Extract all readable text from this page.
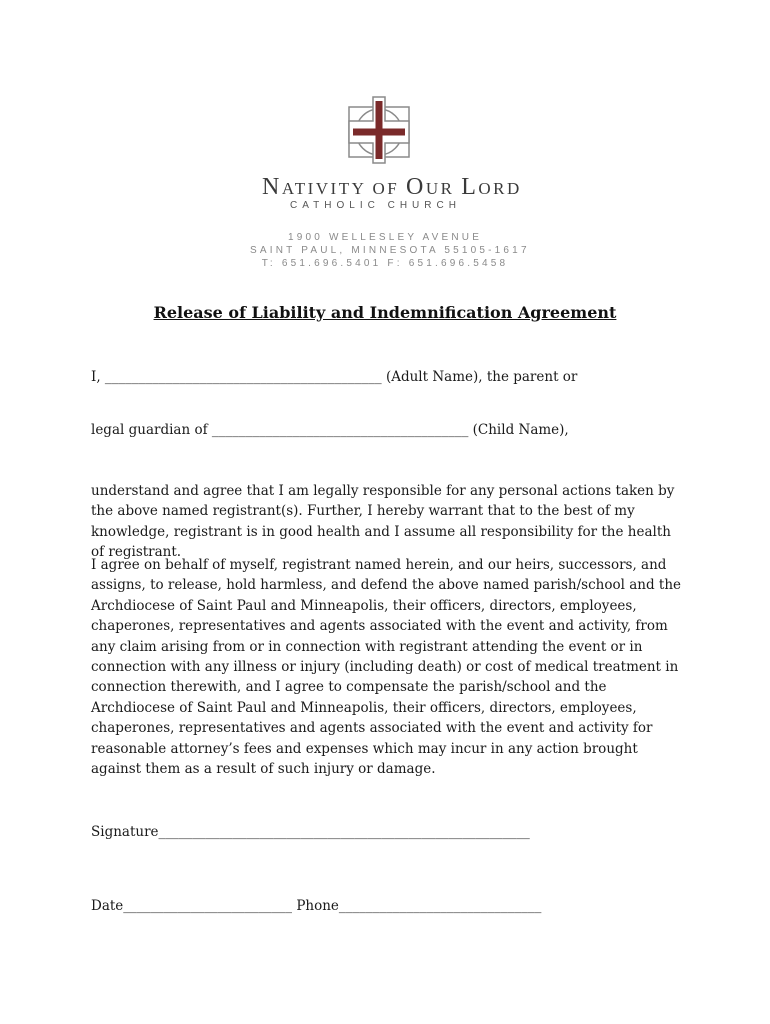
NATIVITY OF OUR LORD
CATHOLIC CHURCH
1900 WELLESLEY AVENUE
SAINT PAUL, MINNESOTA 55105-1617
T: 651.696.5401 F: 651.696.5458
Release of Liability and Indemnification Agreement
I, _________________________________________ (Adult Name), the parent or
legal guardian of ______________________________________ (Child Name),
understand and agree that I am legally responsible for any personal actions taken by the above named registrant(s). Further, I hereby warrant that to the best of my knowledge, registrant is in good health and I assume all responsibility for the health of registrant.
I agree on behalf of myself, registrant named herein, and our heirs, successors, and assigns, to release, hold harmless, and defend the above named parish/school and the Archdiocese of Saint Paul and Minneapolis, their officers, directors, employees, chaperones, representatives and agents associated with the event and activity, from any claim arising from or in connection with registrant attending the event or in connection with any illness or injury (including death) or cost of medical treatment in connection therewith, and I agree to compensate the parish/school and the Archdiocese of Saint Paul and Minneapolis, their officers, directors, employees, chaperones, representatives and agents associated with the event and activity for reasonable attorney’s fees and expenses which may incur in any action brought against them as a result of such injury or damage.
Signature_______________________________________________________
Date_________________________ Phone______________________________
